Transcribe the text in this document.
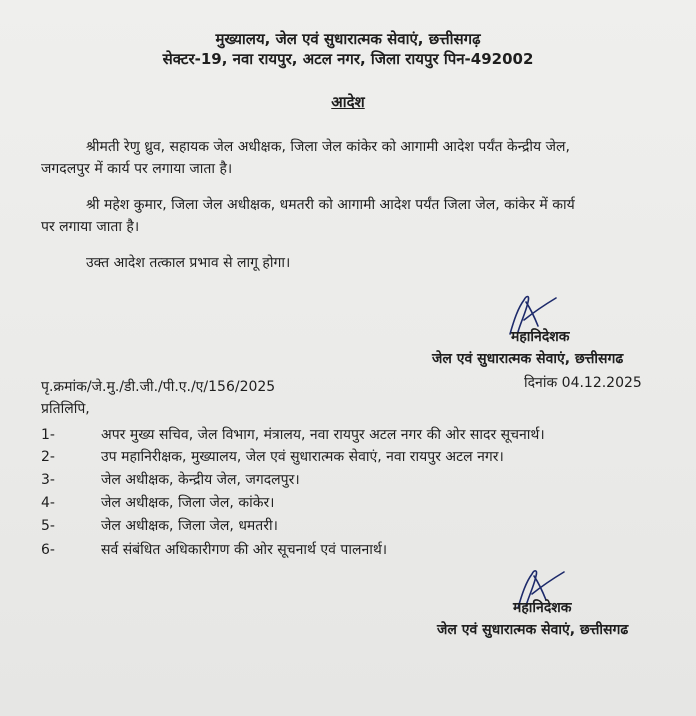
मुख्यालय, जेल एवं सुधारात्मक सेवाएं, छत्तीसगढ़
सेक्टर-19, नवा रायपुर, अटल नगर, जिला रायपुर पिन-492002
आदेश
श्रीमती रेणु ध्रुव, सहायक जेल अधीक्षक, जिला जेल कांकेर को आगामी आदेश पर्यंत केन्द्रीय जेल,
जगदलपुर में कार्य पर लगाया जाता है।
श्री महेश कुमार, जिला जेल अधीक्षक, धमतरी को आगामी आदेश पर्यंत जिला जेल, कांकेर में कार्य
पर लगाया जाता है।
उक्त आदेश तत्काल प्रभाव से लागू होगा।
महानिदेशक
जेल एवं सुधारात्मक सेवाएं, छत्तीसगढ
पृ.क्रमांक/जे.मु./डी.जी./पी.ए./ए/156/2025	दिनांक 04.12.2025
प्रतिलिपि,
1-	अपर मुख्य सचिव, जेल विभाग, मंत्रालय, नवा रायपुर अटल नगर की ओर सादर सूचनार्थ।
2-	उप महानिरीक्षक, मुख्यालय, जेल एवं सुधारात्मक सेवाएं, नवा रायपुर अटल नगर।
3-	जेल अधीक्षक, केन्द्रीय जेल, जगदलपुर।
4-	जेल अधीक्षक, जिला जेल, कांकेर।
5-	जेल अधीक्षक, जिला जेल, धमतरी।
6-	सर्व संबंधित अधिकारीगण की ओर सूचनार्थ एवं पालनार्थ।
महानिदेशक
जेल एवं सुधारात्मक सेवाएं, छत्तीसगढ
